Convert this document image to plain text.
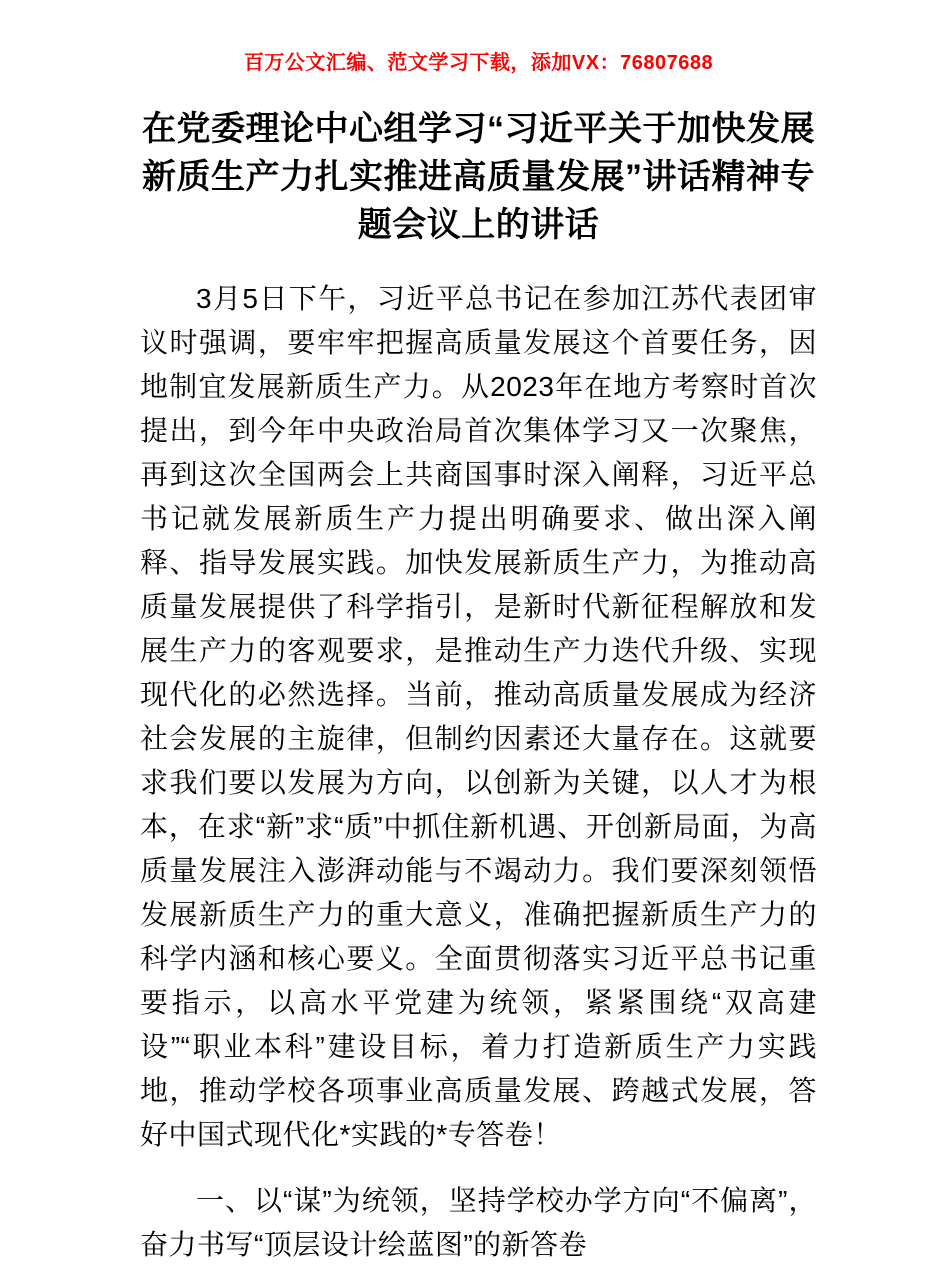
百万公文汇编、范文学习下载，添加VX：76807688
在党委理论中心组学习“习近平关于加快发展新质生产力扎实推进高质量发展”讲话精神专题会议上的讲话

3月5日下午，习近平总书记在参加江苏代表团审议时强调，要牢牢把握高质量发展这个首要任务，因地制宜发展新质生产力。从2023年在地方考察时首次提出，到今年中央政治局首次集体学习又一次聚焦，再到这次全国两会上共商国事时深入阐释，习近平总书记就发展新质生产力提出明确要求、做出深入阐释、指导发展实践。加快发展新质生产力，为推动高质量发展提供了科学指引，是新时代新征程解放和发展生产力的客观要求，是推动生产力迭代升级、实现现代化的必然选择。当前，推动高质量发展成为经济社会发展的主旋律，但制约因素还大量存在。这就要求我们要以发展为方向，以创新为关键，以人才为根本，在求“新”求“质”中抓住新机遇、开创新局面，为高质量发展注入澎湃动能与不竭动力。我们要深刻领悟发展新质生产力的重大意义，准确把握新质生产力的科学内涵和核心要义。全面贯彻落实习近平总书记重要指示，以高水平党建为统领，紧紧围绕“双高建设”“职业本科”建设目标，着力打造新质生产力实践地，推动学校各项事业高质量发展、跨越式发展，答好中国式现代化*实践的*专答卷！

一、以“谋”为统领，坚持学校办学方向“不偏离”，奋力书写“顶层设计绘蓝图”的新答卷
